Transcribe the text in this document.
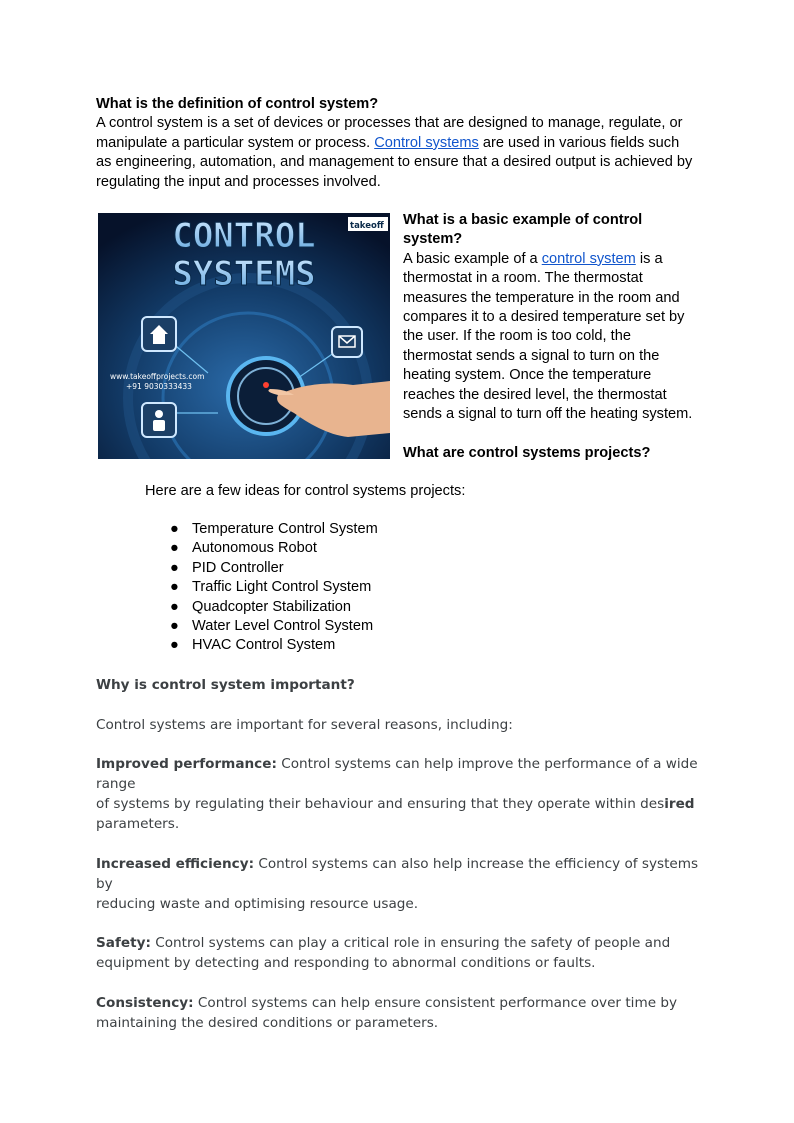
What is the definition of control system?

A control system is a set of devices or processes that are designed to manage, regulate, or

manipulate a particular system or process. Control systems are used in various fields such

as engineering, automation, and management to ensure that a desired output is achieved by

regulating the input and processes involved.

CONTROL
SYSTEMS
takeoff
www.takeoffprojects.com
+91 9030333433
What is a basic example of control
system?

A basic example of a control system is a

thermostat in a room. The thermostat

measures the temperature in the room and

compares it to a desired temperature set by

the user. If the room is too cold, the

thermostat sends a signal to turn on the

heating system. Once the temperature

reaches the desired level, the thermostat

sends a signal to turn off the heating system.

What are control systems projects?

Here are a few ideas for control systems projects:

● Temperature Control System
● Autonomous Robot
● PID Controller
● Traffic Light Control System
● Quadcopter Stabilization
● Water Level Control System
● HVAC Control System

Why is control system important?

Control systems are important for several reasons, including:

Improved performance: Control systems can help improve the performance of a wide range

of systems by regulating their behaviour and ensuring that they operate within desired

parameters.

Increased efficiency: Control systems can also help increase the efficiency of systems by

reducing waste and optimising resource usage.

Safety: Control systems can play a critical role in ensuring the safety of people and

equipment by detecting and responding to abnormal conditions or faults.

Consistency: Control systems can help ensure consistent performance over time by

maintaining the desired conditions or parameters.
